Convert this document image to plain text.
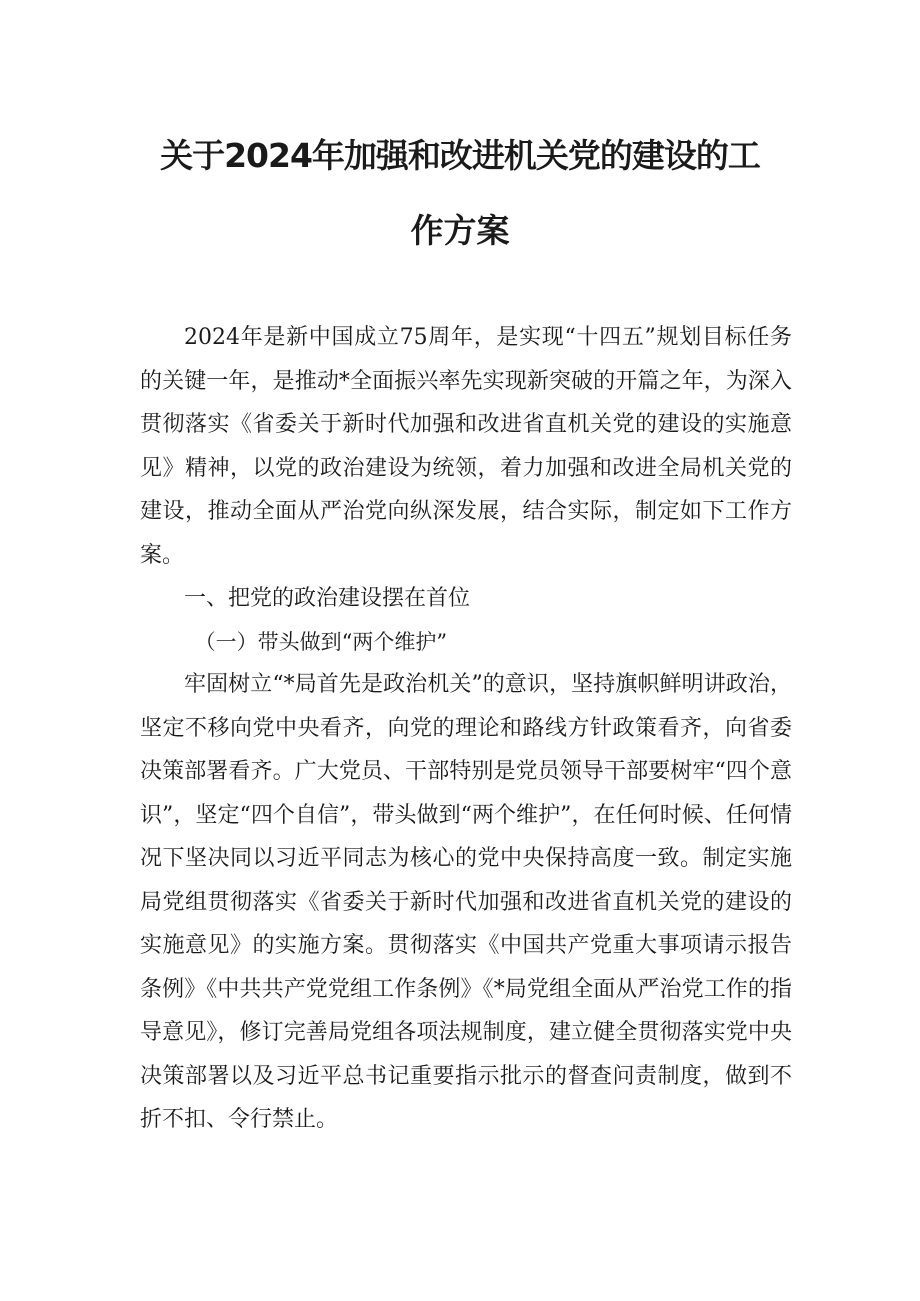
关于2024年加强和改进机关党的建设的工
作方案

2024年是新中国成立75周年，是实现“十四五”规划目标任务的关键一年，是推动*全面振兴率先实现新突破的开篇之年，为深入贯彻落实《省委关于新时代加强和改进省直机关党的建设的实施意见》精神，以党的政治建设为统领，着力加强和改进全局机关党的建设，推动全面从严治党向纵深发展，结合实际，制定如下工作方案。

一、把党的政治建设摆在首位

（一）带头做到“两个维护”

牢固树立“*局首先是政治机关”的意识，坚持旗帜鲜明讲政治，坚定不移向党中央看齐，向党的理论和路线方针政策看齐，向省委决策部署看齐。广大党员、干部特别是党员领导干部要树牢“四个意识”，坚定“四个自信”，带头做到“两个维护”，在任何时候、任何情况下坚决同以习近平同志为核心的党中央保持高度一致。制定实施局党组贯彻落实《省委关于新时代加强和改进省直机关党的建设的实施意见》的实施方案。贯彻落实《中国共产党重大事项请示报告条例》《中共共产党党组工作条例》《*局党组全面从严治党工作的指导意见》，修订完善局党组各项法规制度，建立健全贯彻落实党中央决策部署以及习近平总书记重要指示批示的督查问责制度，做到不折不扣、令行禁止。
